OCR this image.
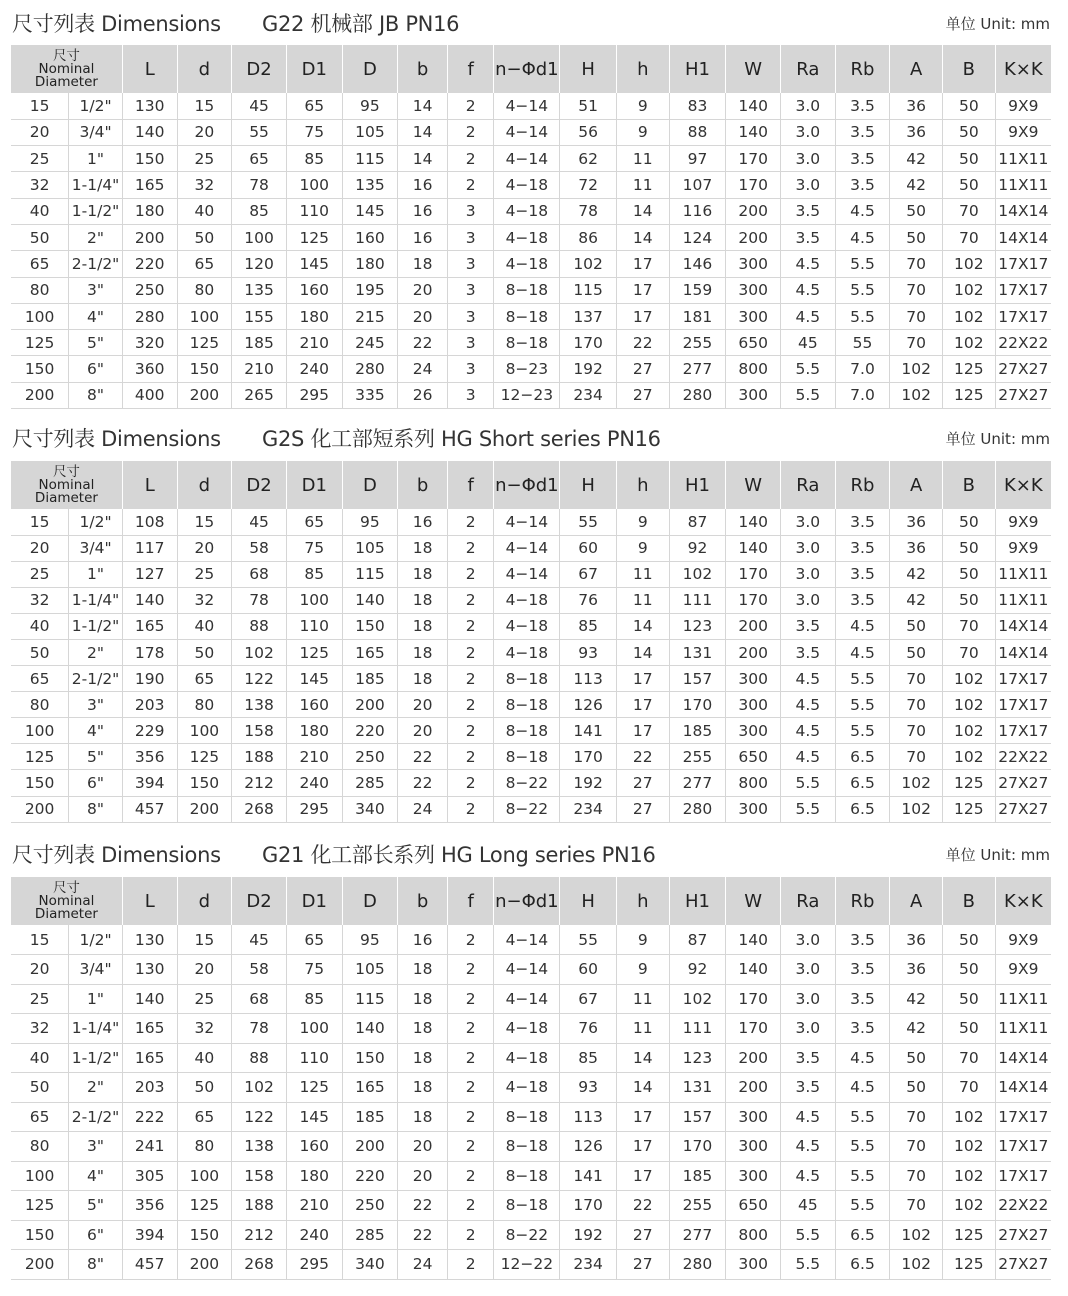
尺寸列表 Dimensions G22 机械部 JB PN16	单位 Unit: mm
尺寸
Nominal
Diameter		L	d	D2	D1	D	b	f	n−Φd1	H	h	H1	W	Ra	Rb	A	B	K×K
15	1/2"	130	15	45	65	95	14	2	4−14	51	9	83	140	3.0	3.5	36	50	9X9
20	3/4"	140	20	55	75	105	14	2	4−14	56	9	88	140	3.0	3.5	36	50	9X9
25	1"	150	25	65	85	115	14	2	4−14	62	11	97	170	3.0	3.5	42	50	11X11
32	1-1/4"	165	32	78	100	135	16	2	4−18	72	11	107	170	3.0	3.5	42	50	11X11
40	1-1/2"	180	40	85	110	145	16	3	4−18	78	14	116	200	3.5	4.5	50	70	14X14
50	2"	200	50	100	125	160	16	3	4−18	86	14	124	200	3.5	4.5	50	70	14X14
65	2-1/2"	220	65	120	145	180	18	3	4−18	102	17	146	300	4.5	5.5	70	102	17X17
80	3"	250	80	135	160	195	20	3	8−18	115	17	159	300	4.5	5.5	70	102	17X17
100	4"	280	100	155	180	215	20	3	8−18	137	17	181	300	4.5	5.5	70	102	17X17
125	5"	320	125	185	210	245	22	3	8−18	170	22	255	650	45	55	70	102	22X22
150	6"	360	150	210	240	280	24	3	8−23	192	27	277	800	5.5	7.0	102	125	27X27
200	8"	400	200	265	295	335	26	3	12−23	234	27	280	300	5.5	7.0	102	125	27X27
尺寸列表 Dimensions G2S 化工部短系列 HG Short series PN16	单位 Unit: mm
尺寸
Nominal
Diameter		L	d	D2	D1	D	b	f	n−Φd1	H	h	H1	W	Ra	Rb	A	B	K×K
15	1/2"	108	15	45	65	95	16	2	4−14	55	9	87	140	3.0	3.5	36	50	9X9
20	3/4"	117	20	58	75	105	18	2	4−14	60	9	92	140	3.0	3.5	36	50	9X9
25	1"	127	25	68	85	115	18	2	4−14	67	11	102	170	3.0	3.5	42	50	11X11
32	1-1/4"	140	32	78	100	140	18	2	4−18	76	11	111	170	3.0	3.5	42	50	11X11
40	1-1/2"	165	40	88	110	150	18	2	4−18	85	14	123	200	3.5	4.5	50	70	14X14
50	2"	178	50	102	125	165	18	2	4−18	93	14	131	200	3.5	4.5	50	70	14X14
65	2-1/2"	190	65	122	145	185	18	2	8−18	113	17	157	300	4.5	5.5	70	102	17X17
80	3"	203	80	138	160	200	20	2	8−18	126	17	170	300	4.5	5.5	70	102	17X17
100	4"	229	100	158	180	220	20	2	8−18	141	17	185	300	4.5	5.5	70	102	17X17
125	5"	356	125	188	210	250	22	2	8−18	170	22	255	650	4.5	6.5	70	102	22X22
150	6"	394	150	212	240	285	22	2	8−22	192	27	277	800	5.5	6.5	102	125	27X27
200	8"	457	200	268	295	340	24	2	8−22	234	27	280	300	5.5	6.5	102	125	27X27
尺寸列表 Dimensions G21 化工部长系列 HG Long series PN16	单位 Unit: mm
尺寸
Nominal
Diameter		L	d	D2	D1	D	b	f	n−Φd1	H	h	H1	W	Ra	Rb	A	B	K×K
15	1/2"	130	15	45	65	95	16	2	4−14	55	9	87	140	3.0	3.5	36	50	9X9
20	3/4"	130	20	58	75	105	18	2	4−14	60	9	92	140	3.0	3.5	36	50	9X9
25	1"	140	25	68	85	115	18	2	4−14	67	11	102	170	3.0	3.5	42	50	11X11
32	1-1/4"	165	32	78	100	140	18	2	4−18	76	11	111	170	3.0	3.5	42	50	11X11
40	1-1/2"	165	40	88	110	150	18	2	4−18	85	14	123	200	3.5	4.5	50	70	14X14
50	2"	203	50	102	125	165	18	2	4−18	93	14	131	200	3.5	4.5	50	70	14X14
65	2-1/2"	222	65	122	145	185	18	2	8−18	113	17	157	300	4.5	5.5	70	102	17X17
80	3"	241	80	138	160	200	20	2	8−18	126	17	170	300	4.5	5.5	70	102	17X17
100	4"	305	100	158	180	220	20	2	8−18	141	17	185	300	4.5	5.5	70	102	17X17
125	5"	356	125	188	210	250	22	2	8−18	170	22	255	650	45	5.5	70	102	22X22
150	6"	394	150	212	240	285	22	2	8−22	192	27	277	800	5.5	6.5	102	125	27X27
200	8"	457	200	268	295	340	24	2	12−22	234	27	280	300	5.5	6.5	102	125	27X27
